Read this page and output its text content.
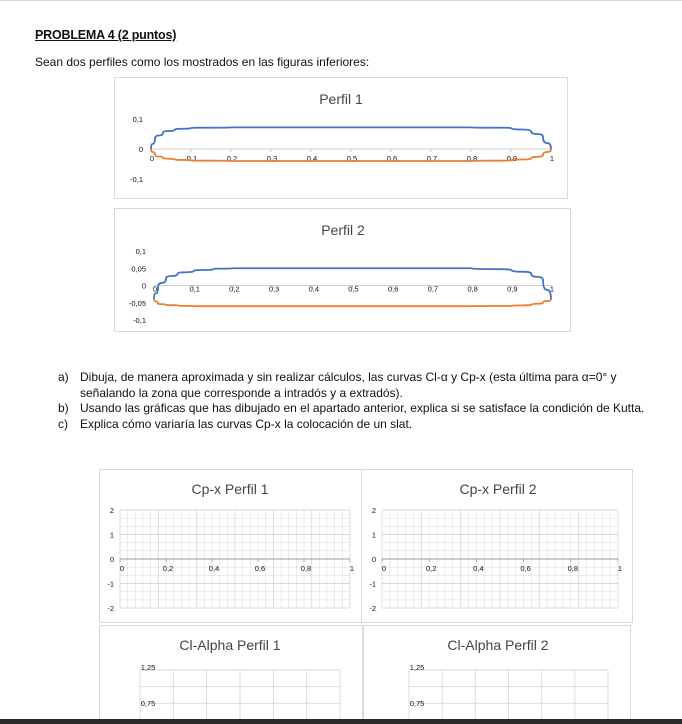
PROBLEMA 4 (2 puntos)
Sean dos perfiles como los mostrados en las figuras inferiores:
Perfil 1
0,1
0
-0,1
0	0,1	0,2	0,3	0,4	0,5	0,6	0,7	0,8	0,9	1
Perfil 2
0,1
0,05
0
-0,05
-0,1
0	0,1	0,2	0,3	0,4	0,5	0,6	0,7	0,8	0,9	1
a) Dibuja, de manera aproximada y sin realizar cálculos, las curvas Cl-α y Cp-x (esta última para α=0° y señalando la zona que corresponde a intradós y a extradós).
b) Usando las gráficas que has dibujado en el apartado anterior, explica si se satisface la condición de Kutta.
c) Explica cómo variaría las curvas Cp-x la colocación de un slat.
Cp-x Perfil 1
2
1
0
-1
-2
0	0,2	0,4	0,6	0,8	1
Cp-x Perfil 2
2
1
0
-1
-2
0	0,2	0,4	0,6	0,8	1
Cl-Alpha Perfil 1
1,25
0,75
Cl-Alpha Perfil 2
1,25
0,75
